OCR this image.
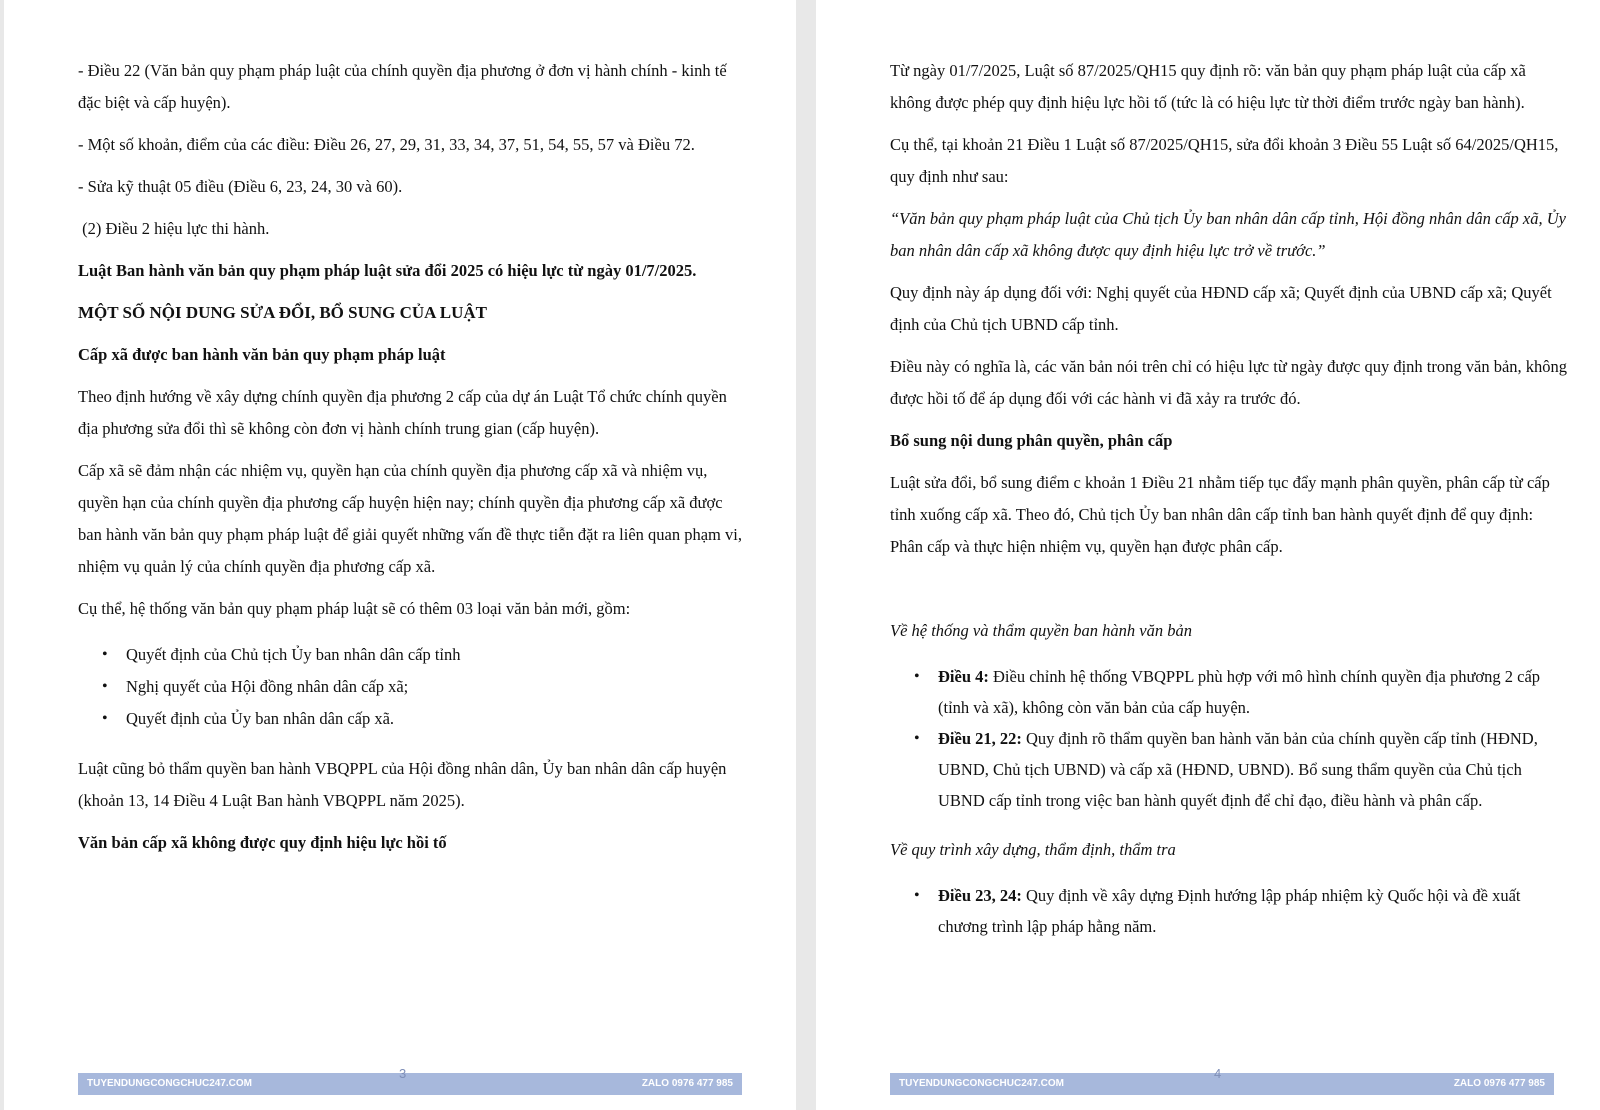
- Điều 22 (Văn bản quy phạm pháp luật của chính quyền địa phương ở đơn vị hành chính - kinh tế đặc biệt và cấp huyện).

- Một số khoản, điểm của các điều: Điều 26, 27, 29, 31, 33, 34, 37, 51, 54, 55, 57 và Điều 72.

- Sửa kỹ thuật 05 điều (Điều 6, 23, 24, 30 và 60).

(2) Điều 2 hiệu lực thi hành.

Luật Ban hành văn bản quy phạm pháp luật sửa đổi 2025 có hiệu lực từ ngày 01/7/2025.

MỘT SỐ NỘI DUNG SỬA ĐỔI, BỔ SUNG CỦA LUẬT

Cấp xã được ban hành văn bản quy phạm pháp luật

Theo định hướng về xây dựng chính quyền địa phương 2 cấp của dự án Luật Tổ chức chính quyền địa phương sửa đổi thì sẽ không còn đơn vị hành chính trung gian (cấp huyện).

Cấp xã sẽ đảm nhận các nhiệm vụ, quyền hạn của chính quyền địa phương cấp xã và nhiệm vụ, quyền hạn của chính quyền địa phương cấp huyện hiện nay; chính quyền địa phương cấp xã được ban hành văn bản quy phạm pháp luật để giải quyết những vấn đề thực tiễn đặt ra liên quan phạm vi, nhiệm vụ quản lý của chính quyền địa phương cấp xã.

Cụ thể, hệ thống văn bản quy phạm pháp luật sẽ có thêm 03 loại văn bản mới, gồm:

• Quyết định của Chủ tịch Ủy ban nhân dân cấp tỉnh
• Nghị quyết của Hội đồng nhân dân cấp xã;
• Quyết định của Ủy ban nhân dân cấp xã.

Luật cũng bỏ thẩm quyền ban hành VBQPPL của Hội đồng nhân dân, Ủy ban nhân dân cấp huyện (khoản 13, 14 Điều 4 Luật Ban hành VBQPPL năm 2025).

Văn bản cấp xã không được quy định hiệu lực hồi tố

TUYENDUNGCONGCHUC247.COM	ZALO 0976 477 985
3

Từ ngày 01/7/2025, Luật số 87/2025/QH15 quy định rõ: văn bản quy phạm pháp luật của cấp xã không được phép quy định hiệu lực hồi tố (tức là có hiệu lực từ thời điểm trước ngày ban hành).

Cụ thể, tại khoản 21 Điều 1 Luật số 87/2025/QH15, sửa đổi khoản 3 Điều 55 Luật số 64/2025/QH15, quy định như sau:

“Văn bản quy phạm pháp luật của Chủ tịch Ủy ban nhân dân cấp tỉnh, Hội đồng nhân dân cấp xã, Ủy ban nhân dân cấp xã không được quy định hiệu lực trở về trước.”

Quy định này áp dụng đối với: Nghị quyết của HĐND cấp xã; Quyết định của UBND cấp xã; Quyết định của Chủ tịch UBND cấp tỉnh.

Điều này có nghĩa là, các văn bản nói trên chỉ có hiệu lực từ ngày được quy định trong văn bản, không được hồi tố để áp dụng đối với các hành vi đã xảy ra trước đó.

Bổ sung nội dung phân quyền, phân cấp

Luật sửa đổi, bổ sung điểm c khoản 1 Điều 21 nhằm tiếp tục đẩy mạnh phân quyền, phân cấp từ cấp tỉnh xuống cấp xã. Theo đó, Chủ tịch Ủy ban nhân dân cấp tỉnh ban hành quyết định để quy định: Phân cấp và thực hiện nhiệm vụ, quyền hạn được phân cấp.

Về hệ thống và thẩm quyền ban hành văn bản

• Điều 4: Điều chỉnh hệ thống VBQPPL phù hợp với mô hình chính quyền địa phương 2 cấp (tỉnh và xã), không còn văn bản của cấp huyện.
• Điều 21, 22: Quy định rõ thẩm quyền ban hành văn bản của chính quyền cấp tỉnh (HĐND, UBND, Chủ tịch UBND) và cấp xã (HĐND, UBND). Bổ sung thẩm quyền của Chủ tịch UBND cấp tỉnh trong việc ban hành quyết định để chỉ đạo, điều hành và phân cấp.

Về quy trình xây dựng, thẩm định, thẩm tra

• Điều 23, 24: Quy định về xây dựng Định hướng lập pháp nhiệm kỳ Quốc hội và đề xuất chương trình lập pháp hằng năm.
TUYENDUNGCONGCHUC247.COM	ZALO 0976 477 985
4
